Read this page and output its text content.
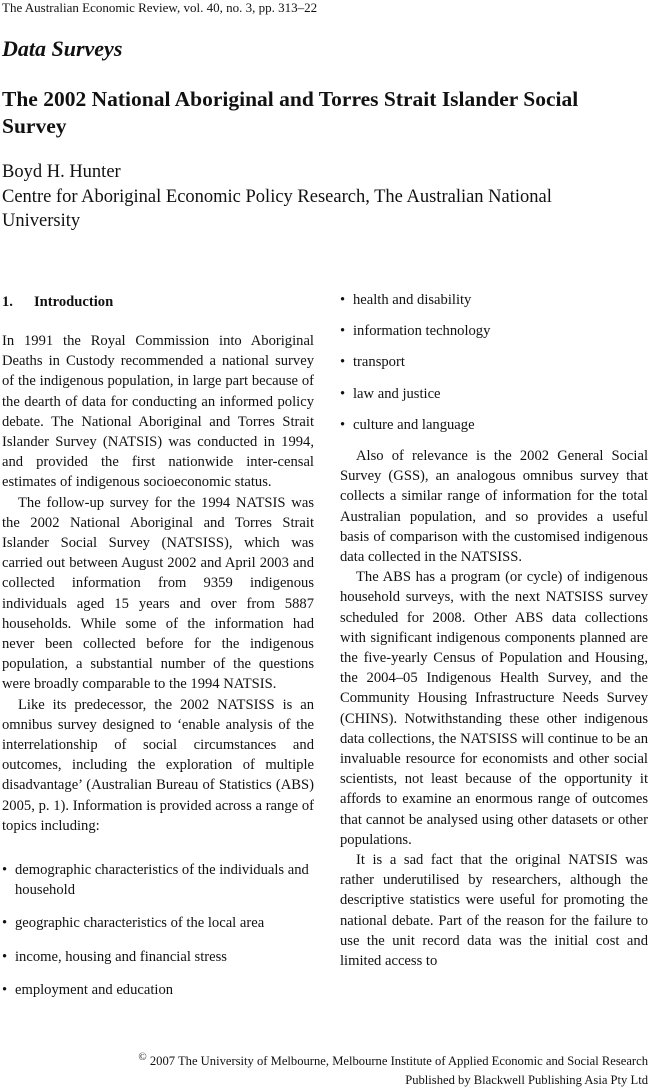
The Australian Economic Review, vol. 40, no. 3, pp. 313–22
Data Surveys
The 2002 National Aboriginal and Torres Strait Islander Social Survey
Boyd H. Hunter
Centre for Aboriginal Economic Policy Research, The Australian National University
1. Introduction

In 1991 the Royal Commission into Aboriginal Deaths in Custody recommended a national survey of the indigenous population, in large part because of the dearth of data for conducting an informed policy debate. The National Aboriginal and Torres Strait Islander Survey (NATSIS) was conducted in 1994, and provided the first nationwide inter-censal estimates of indigenous socioeconomic status.

The follow-up survey for the 1994 NATSIS was the 2002 National Aboriginal and Torres Strait Islander Social Survey (NATSISS), which was carried out between August 2002 and April 2003 and collected information from 9359 indigenous individuals aged 15 years and over from 5887 households. While some of the information had never been collected before for the indigenous population, a substantial number of the questions were broadly comparable to the 1994 NATSIS.

Like its predecessor, the 2002 NATSISS is an omnibus survey designed to ‘enable analysis of the interrelationship of social circumstances and outcomes, including the exploration of multiple disadvantage’ (Australian Bureau of Statistics (ABS) 2005, p. 1). Information is provided across a range of topics including:

• demographic characteristics of the individuals and household
• geographic characteristics of the local area
• income, housing and financial stress
• employment and education
• health and disability
• information technology
• transport
• law and justice
• culture and language

Also of relevance is the 2002 General Social Survey (GSS), an analogous omnibus survey that collects a similar range of information for the total Australian population, and so provides a useful basis of comparison with the customised indigenous data collected in the NATSISS.

The ABS has a program (or cycle) of indigenous household surveys, with the next NATSISS survey scheduled for 2008. Other ABS data collections with significant indigenous components planned are the five-yearly Census of Population and Housing, the 2004–05 Indigenous Health Survey, and the Community Housing Infrastructure Needs Survey (CHINS). Notwithstanding these other indigenous data collections, the NATSISS will continue to be an invaluable resource for economists and other social scientists, not least because of the opportunity it affords to examine an enormous range of outcomes that cannot be analysed using other datasets or other populations.

It is a sad fact that the original NATSIS was rather underutilised by researchers, although the descriptive statistics were useful for promoting the national debate. Part of the reason for the failure to use the unit record data was the initial cost and limited access to

© 2007 The University of Melbourne, Melbourne Institute of Applied Economic and Social Research
Published by Blackwell Publishing Asia Pty Ltd
